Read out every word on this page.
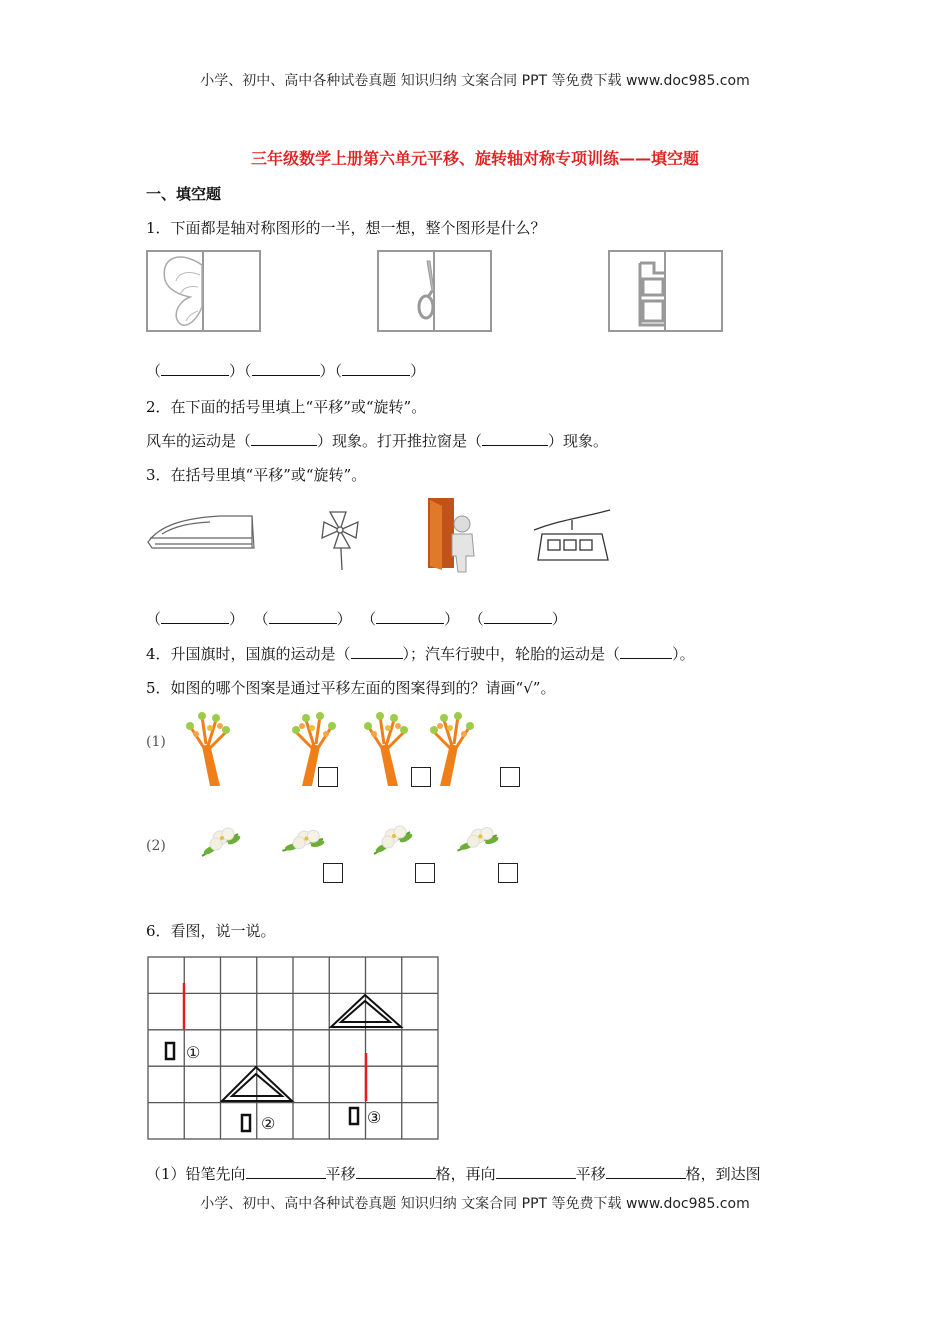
小学、初中、高中各种试卷真题 知识归纳 文案合同 PPT 等免费下载 www.doc985.com
三年级数学上册第六单元平移、旋转轴对称专项训练——填空题
一、填空题
1．下面都是轴对称图形的一半，想一想，整个图形是什么？
（	）（	）（	）
2．在下面的括号里填上“平移”或“旋转”。
风车的运动是（	）现象。打开推拉窗是（	）现象。
3．在括号里填“平移”或“旋转”。
（	） （	） （	） （	）
4．升国旗时，国旗的运动是（	）；汽车行驶中，轮胎的运动是（	）。
5．如图的哪个图案是通过平移左面的图案得到的？请画“√”。
(1)
(2)
6．看图，说一说。
①
②	③
（1）铅笔先向	平移	格，再向	平移	格，到达图
小学、初中、高中各种试卷真题 知识归纳 文案合同 PPT 等免费下载 www.doc985.com
